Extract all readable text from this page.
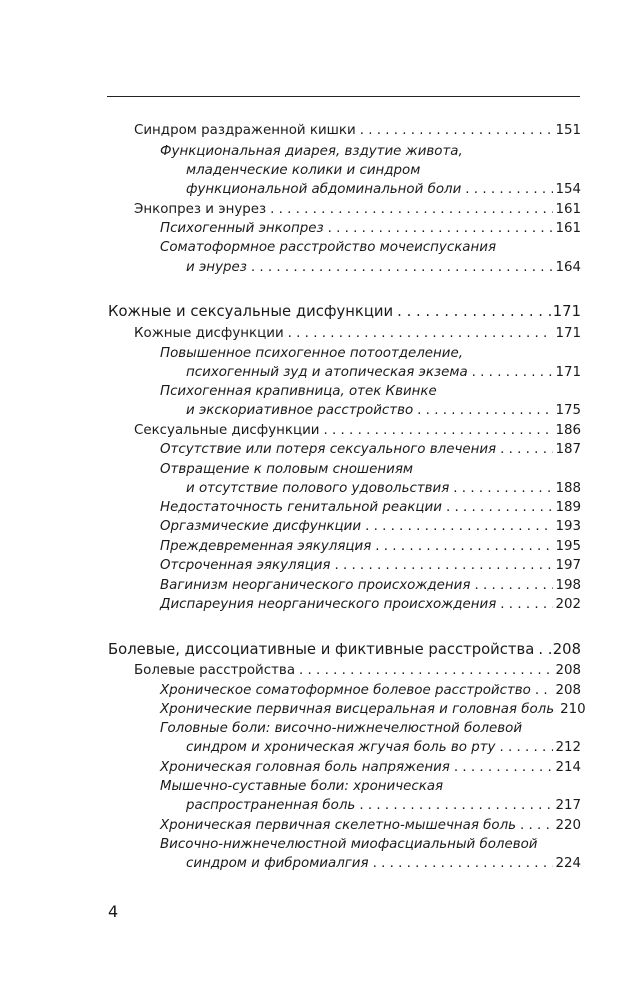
Синдром раздраженной кишки . . .	151
Функциональная диарея, вздутие живота,
младенческие колики и синдром
функциональной абдоминальной боли . . .	154
Энкопрез и энурез . . .	161
Психогенный энкопрез . . .	161
Соматоформное расстройство мочеиспускания
и энурез . . .	164
Кожные и сексуальные дисфункции . . .	171
Кожные дисфункции . . .	171
Повышенное психогенное потоотделение,
психогенный зуд и атопическая экзема . . .	171
Психогенная крапивница, отек Квинке
и экскориативное расстройство . . .	175
Сексуальные дисфункции . . .	186
Отсутствие или потеря сексуального влечения . . .	187
Отвращение к половым сношениям
и отсутствие полового удовольствия . . .	188
Недостаточность генитальной реакции . . .	189
Оргазмические дисфункции . . .	193
Преждевременная эякуляция . . .	195
Отсроченная эякуляция . . .	197
Вагинизм неорганического происхождения . . .	198
Диспареуния неорганического происхождения . . .	202
Болевые, диссоциативные и фиктивные расстройства . . . 208
Болевые расстройства . . .	208
Хроническое соматоформное болевое расстройство . . . 208
Хронические первичная висцеральная и головная боль 210
Головные боли: височно-нижнечелюстной болевой
синдром и хроническая жгучая боль во рту . . .	212
Хроническая головная боль напряжения . . .	214
Мышечно-суставные боли: хроническая
распространенная боль . . .	217
Хроническая первичная скелетно-мышечная боль . . .	220
Височно-нижнечелюстной миофасциальный болевой
синдром и фибромиалгия . . .	224
4
